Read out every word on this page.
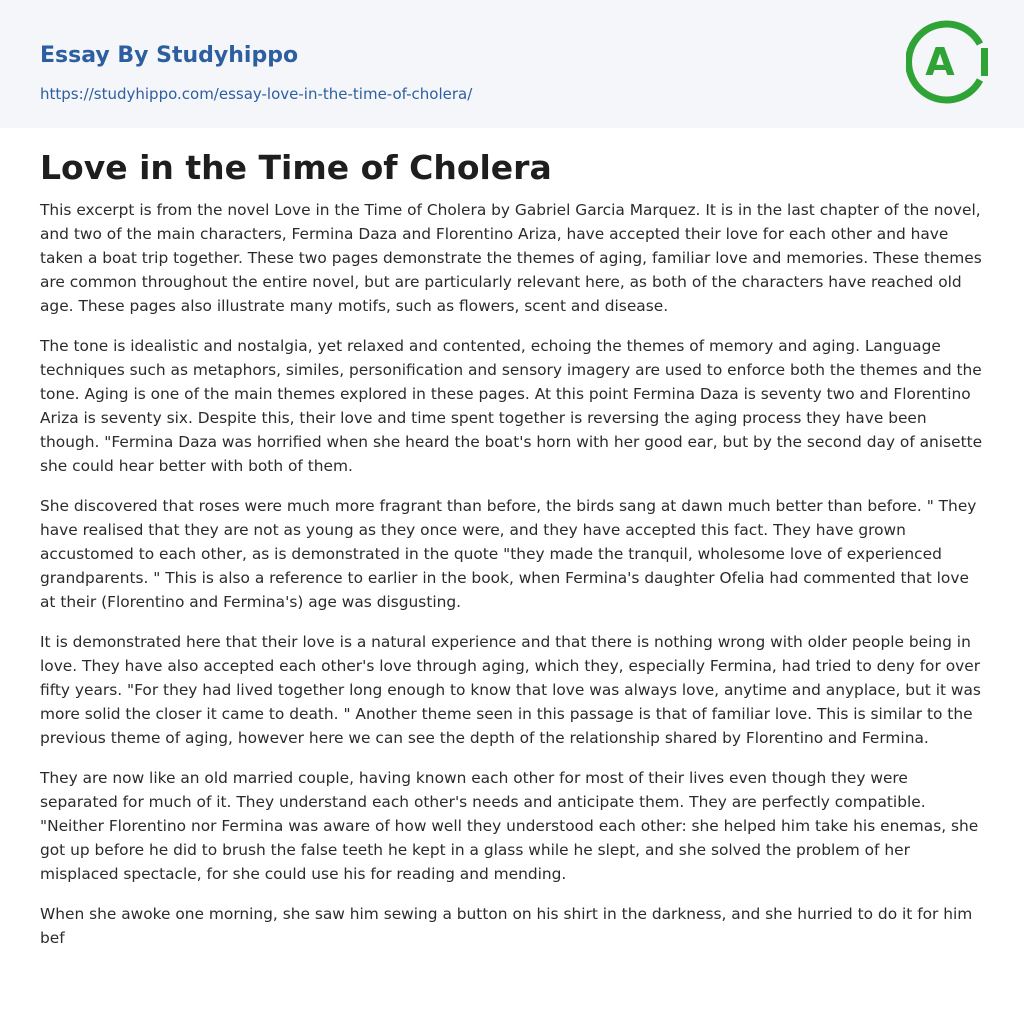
Essay By Studyhippo
https://studyhippo.com/essay-love-in-the-time-of-cholera/
A
Love in the Time of Cholera

This excerpt is from the novel Love in the Time of Cholera by Gabriel Garcia Marquez. It is in the last chapter of the novel, and two of the main characters, Fermina Daza and Florentino Ariza, have accepted their love for each other and have taken a boat trip together. These two pages demonstrate the themes of aging, familiar love and memories. These themes are common throughout the entire novel, but are particularly relevant here, as both of the characters have reached old age. These pages also illustrate many motifs, such as flowers, scent and disease.

The tone is idealistic and nostalgia, yet relaxed and contented, echoing the themes of memory and aging. Language techniques such as metaphors, similes, personification and sensory imagery are used to enforce both the themes and the tone. Aging is one of the main themes explored in these pages. At this point Fermina Daza is seventy two and Florentino Ariza is seventy six. Despite this, their love and time spent together is reversing the aging process they have been though. "Fermina Daza was horrified when she heard the boat's horn with her good ear, but by the second day of anisette she could hear better with both of them.

She discovered that roses were much more fragrant than before, the birds sang at dawn much better than before. " They have realised that they are not as young as they once were, and they have accepted this fact. They have grown accustomed to each other, as is demonstrated in the quote "they made the tranquil, wholesome love of experienced grandparents. " This is also a reference to earlier in the book, when Fermina's daughter Ofelia had commented that love at their (Florentino and Fermina's) age was disgusting.

It is demonstrated here that their love is a natural experience and that there is nothing wrong with older people being in love. They have also accepted each other's love through aging, which they, especially Fermina, had tried to deny for over fifty years. "For they had lived together long enough to know that love was always love, anytime and anyplace, but it was more solid the closer it came to death. " Another theme seen in this passage is that of familiar love. This is similar to the previous theme of aging, however here we can see the depth of the relationship shared by Florentino and Fermina.

They are now like an old married couple, having known each other for most of their lives even though they were separated for much of it. They understand each other's needs and anticipate them. They are perfectly compatible. "Neither Florentino nor Fermina was aware of how well they understood each other: she helped him take his enemas, she got up before he did to brush the false teeth he kept in a glass while he slept, and she solved the problem of her misplaced spectacle, for she could use his for reading and mending.

When she awoke one morning, she saw him sewing a button on his shirt in the darkness, and she hurried to do it for him bef
